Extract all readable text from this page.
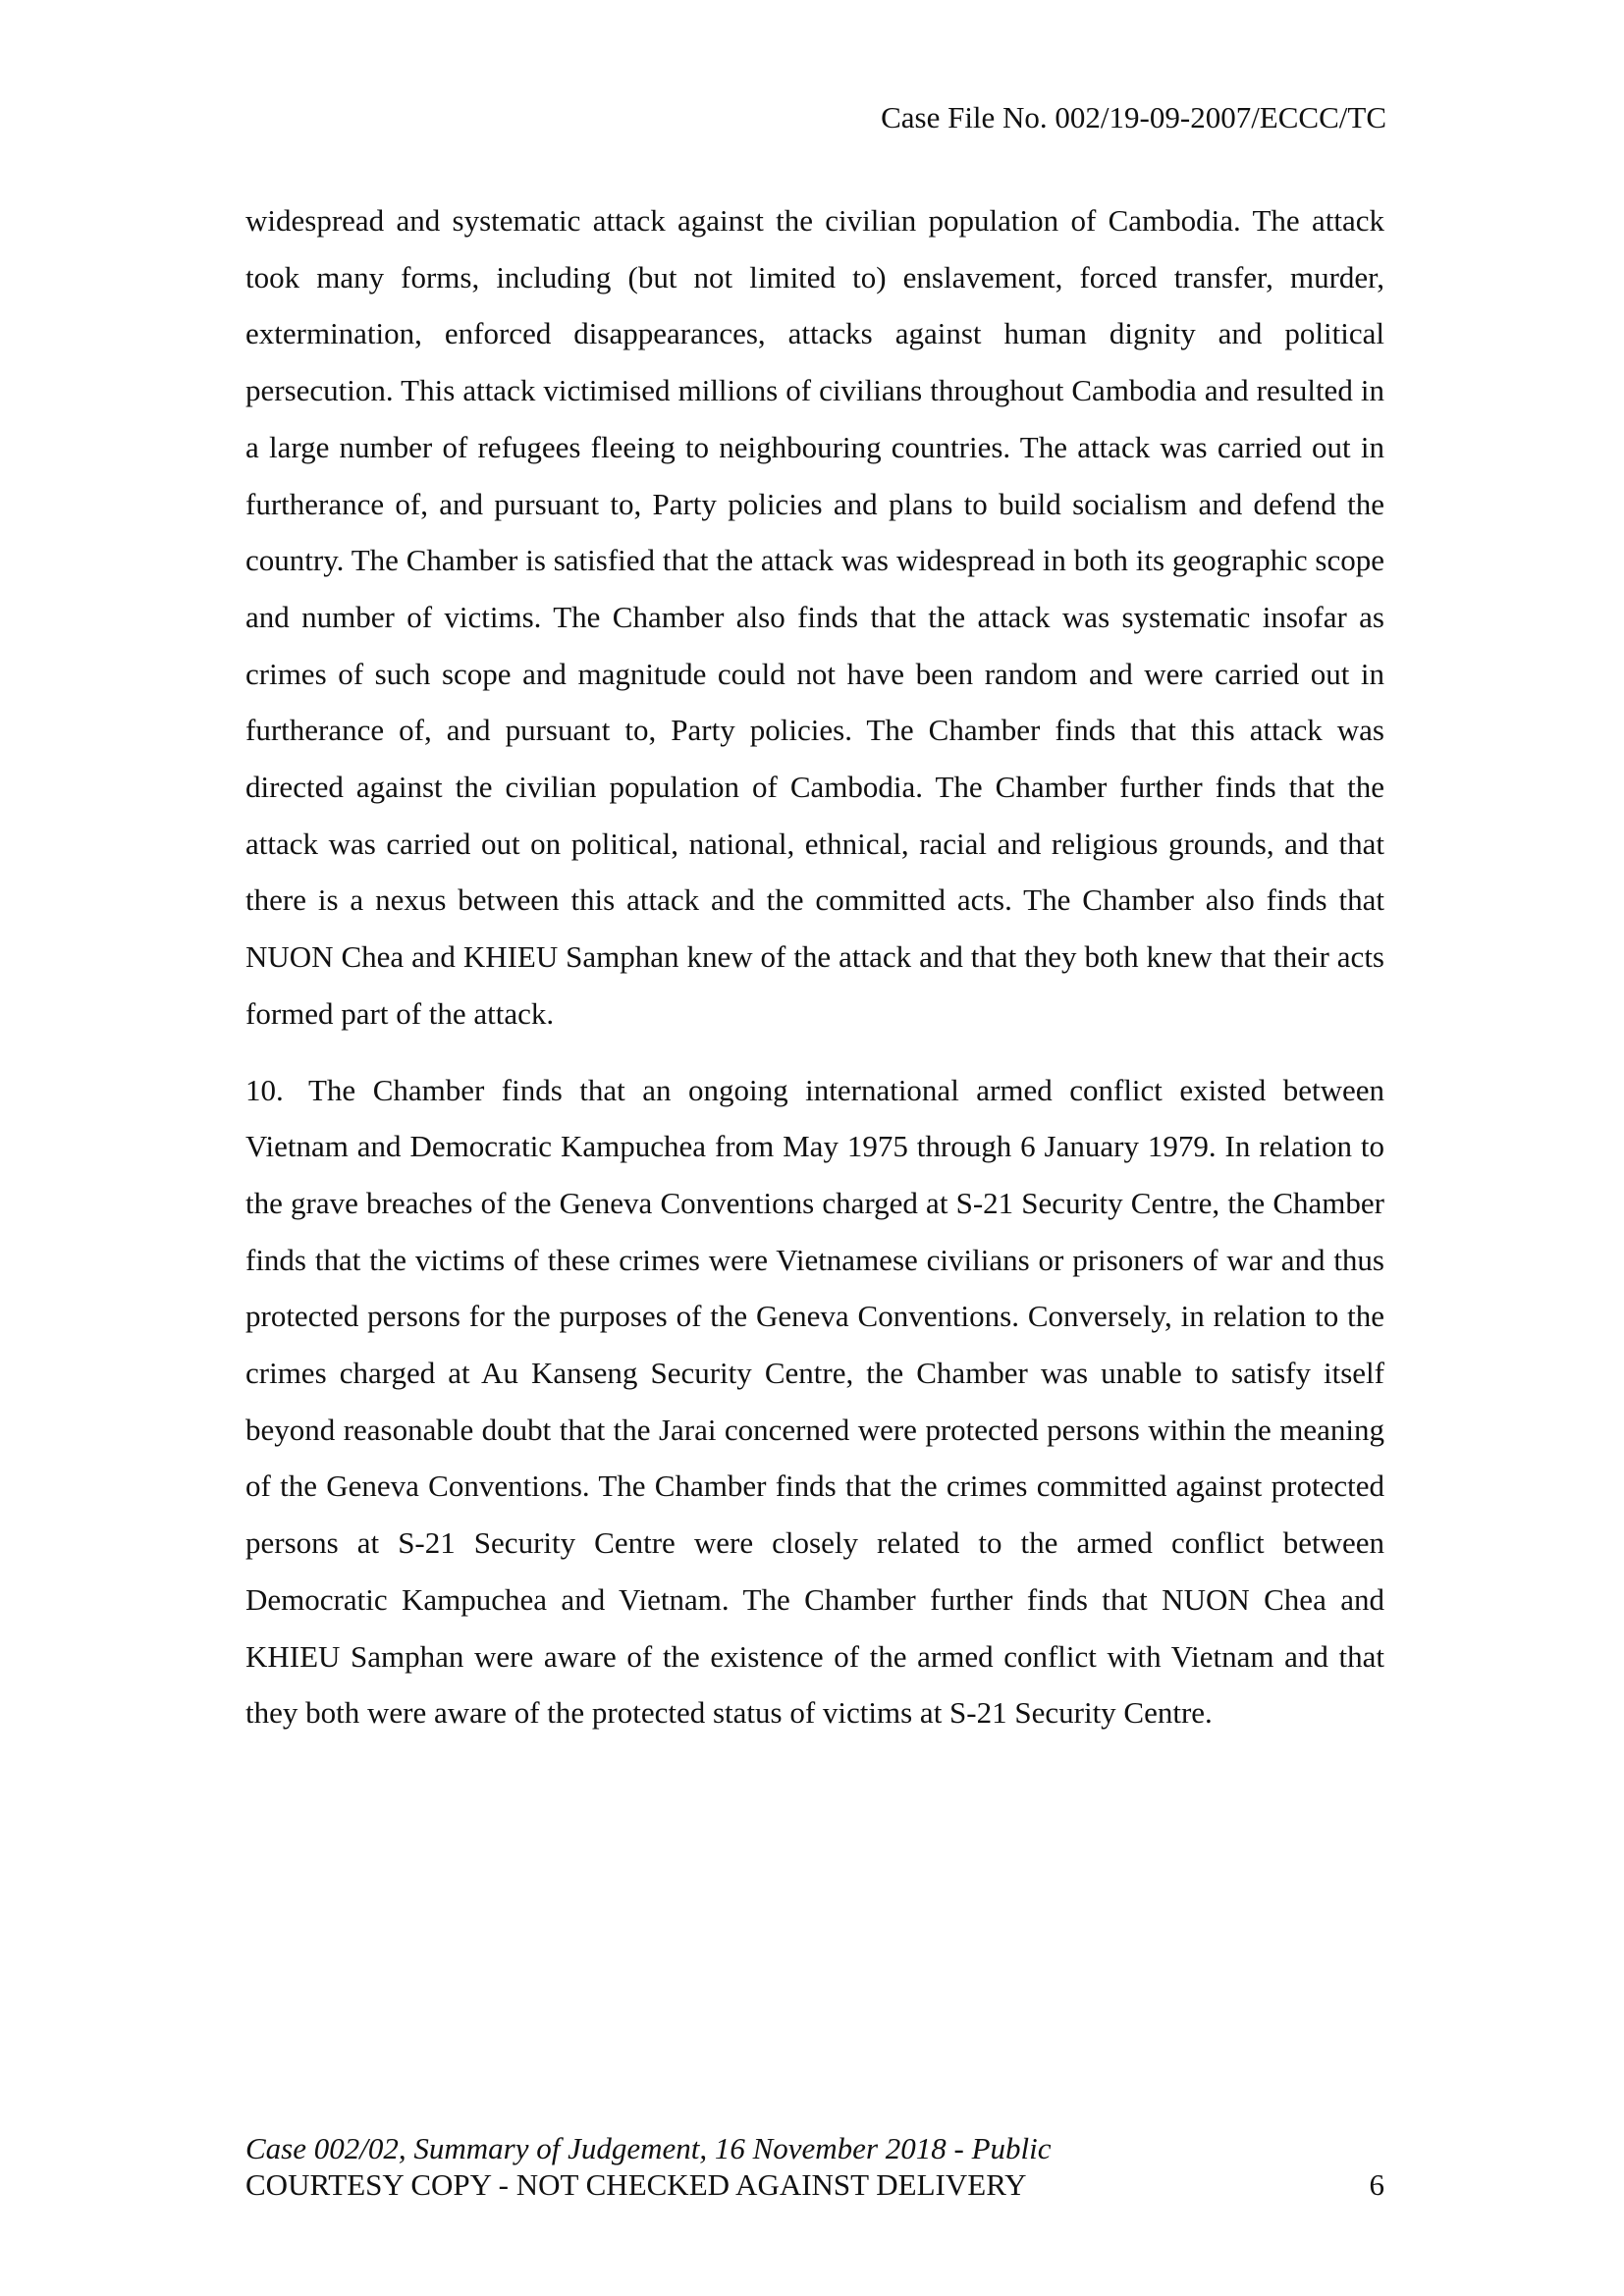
Case File No. 002/19-09-2007/ECCC/TC

widespread and systematic attack against the civilian population of Cambodia. The attack took many forms, including (but not limited to) enslavement, forced transfer, murder, extermination, enforced disappearances, attacks against human dignity and political persecution. This attack victimised millions of civilians throughout Cambodia and resulted in a large number of refugees fleeing to neighbouring countries. The attack was carried out in furtherance of, and pursuant to, Party policies and plans to build socialism and defend the country. The Chamber is satisfied that the attack was widespread in both its geographic scope and number of victims. The Chamber also finds that the attack was systematic insofar as crimes of such scope and magnitude could not have been random and were carried out in furtherance of, and pursuant to, Party policies. The Chamber finds that this attack was directed against the civilian population of Cambodia. The Chamber further finds that the attack was carried out on political, national, ethnical, racial and religious grounds, and that there is a nexus between this attack and the committed acts. The Chamber also finds that NUON Chea and KHIEU Samphan knew of the attack and that they both knew that their acts formed part of the attack.

10. The Chamber finds that an ongoing international armed conflict existed between Vietnam and Democratic Kampuchea from May 1975 through 6 January 1979. In relation to the grave breaches of the Geneva Conventions charged at S-21 Security Centre, the Chamber finds that the victims of these crimes were Vietnamese civilians or prisoners of war and thus protected persons for the purposes of the Geneva Conventions. Conversely, in relation to the crimes charged at Au Kanseng Security Centre, the Chamber was unable to satisfy itself beyond reasonable doubt that the Jarai concerned were protected persons within the meaning of the Geneva Conventions. The Chamber finds that the crimes committed against protected persons at S-21 Security Centre were closely related to the armed conflict between Democratic Kampuchea and Vietnam. The Chamber further finds that NUON Chea and KHIEU Samphan were aware of the existence of the armed conflict with Vietnam and that they both were aware of the protected status of victims at S-21 Security Centre.

Case 002/02, Summary of Judgement, 16 November 2018 - Public
COURTESY COPY - NOT CHECKED AGAINST DELIVERY	6
